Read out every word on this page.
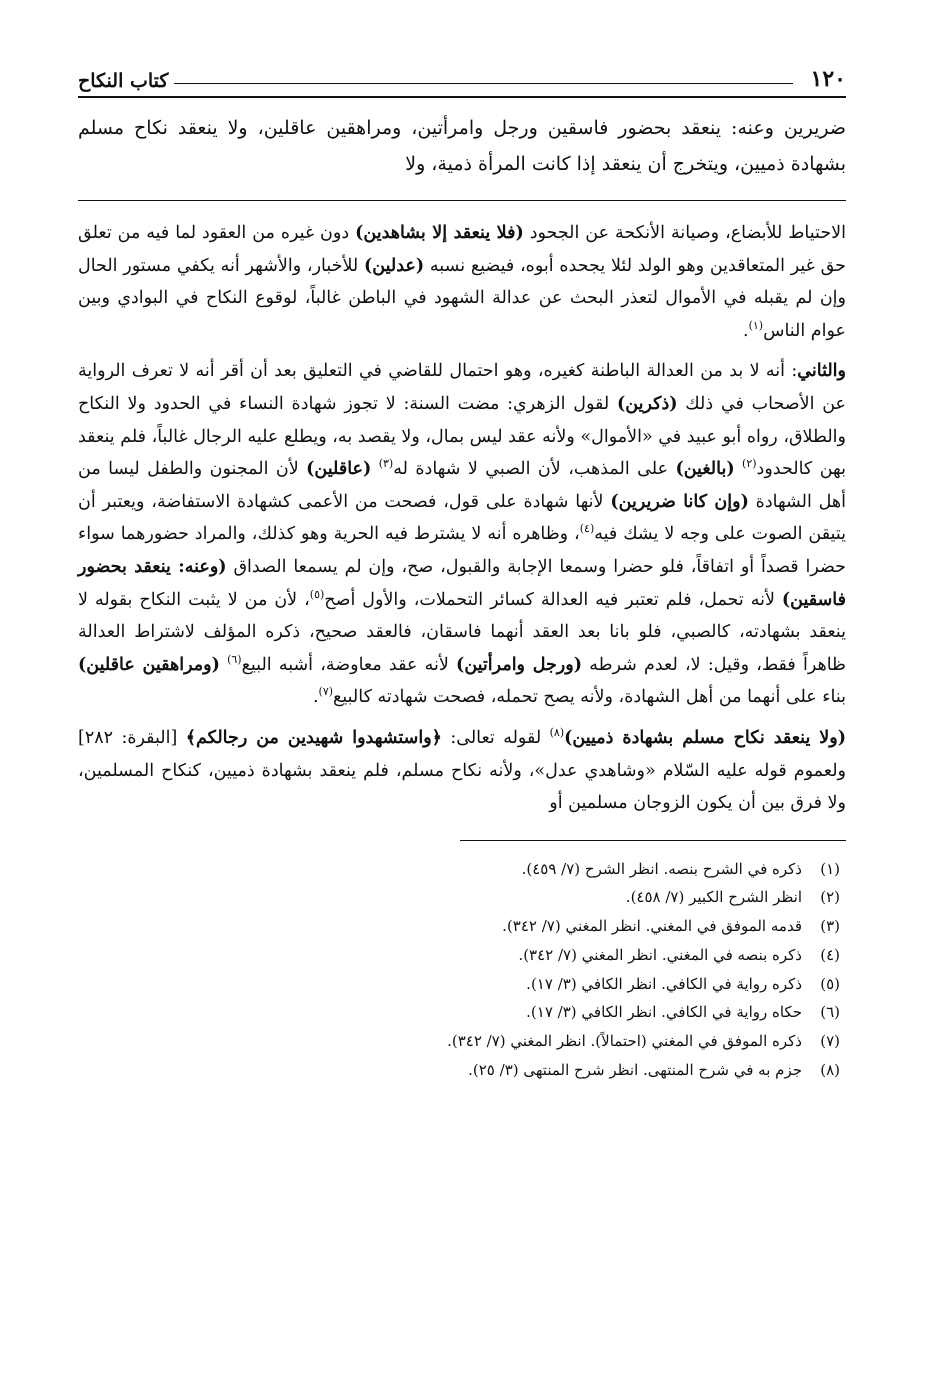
١٢٠
كتاب النكاح
ضريرين وعنه: ينعقد بحضور فاسقين ورجل وامرأتين، ومراهقين عاقلين، ولا ينعقد نكاح مسلم بشهادة ذميين، ويتخرج أن ينعقد إذا كانت المرأة ذمية، ولا

الاحتياط للأبضاع، وصيانة الأنكحة عن الجحود (فلا ينعقد إلا بشاهدين) دون غيره من العقود لما فيه من تعلق حق غير المتعاقدين وهو الولد لئلا يجحده أبوه، فيضيع نسبه (عدلين) للأخبار، والأشهر أنه يكفي مستور الحال وإن لم يقبله في الأموال لتعذر البحث عن عدالة الشهود في الباطن غالباً، لوقوع النكاح في البوادي وبين عوام الناس$^{(١)}$.

والثاني: أنه لا بد من العدالة الباطنة كغيره، وهو احتمال للقاضي في التعليق بعد أن أقر أنه لا تعرف الرواية عن الأصحاب في ذلك (ذكرين) لقول الزهري: مضت السنة: لا تجوز شهادة النساء في الحدود ولا النكاح والطلاق، رواه أبو عبيد في «الأموال» ولأنه عقد ليس بمال، ولا يقصد به، ويطلع عليه الرجال غالباً، فلم ينعقد بهن كالحدود$^{(٢)}$ (بالغين) على المذهب، لأن الصبي لا شهادة له$^{(٣)}$ (عاقلين) لأن المجنون والطفل ليسا من أهل الشهادة (وإن كانا ضريرين) لأنها شهادة على قول، فصحت من الأعمى كشهادة الاستفاضة، ويعتبر أن يتيقن الصوت على وجه لا يشك فيه$^{(٤)}$، وظاهره أنه لا يشترط فيه الحرية وهو كذلك، والمراد حضورهما سواء حضرا قصداً أو اتفاقاً، فلو حضرا وسمعا الإجابة والقبول، صح، وإن لم يسمعا الصداق (وعنه: ينعقد بحضور فاسقين) لأنه تحمل، فلم تعتبر فيه العدالة كسائر التحملات، والأول أصح$^{(٥)}$، لأن من لا يثبت النكاح بقوله لا ينعقد بشهادته، كالصبي، فلو بانا بعد العقد أنهما فاسقان، فالعقد صحيح، ذكره المؤلف لاشتراط العدالة ظاهراً فقط، وقيل: لا، لعدم شرطه (ورجل وامرأتين) لأنه عقد معاوضة، أشبه البيع$^{(٦)}$ (ومراهقين عاقلين) بناء على أنهما من أهل الشهادة، ولأنه يصح تحمله، فصحت شهادته كالبيع$^{(٧)}$.

(ولا ينعقد نكاح مسلم بشهادة ذميين)$^{(٨)}$ لقوله تعالى: ﴿واستشهدوا شهيدين من رجالكم﴾ [البقرة: ٢٨٢] ولعموم قوله عليه السّلام «وشاهدي عدل»، ولأنه نكاح مسلم، فلم ينعقد بشهادة ذميين، كنكاح المسلمين، ولا فرق بين أن يكون الزوجان مسلمين أو

(١)ذكره في الشرح بنصه. انظر الشرح (٧/ ٤٥٩).

(٢)انظر الشرح الكبير (٧/ ٤٥٨).

(٣)قدمه الموفق في المغني. انظر المغني (٧/ ٣٤٢).

(٤)ذكره بنصه في المغني. انظر المغني (٧/ ٣٤٢).

(٥)ذكره رواية في الكافي. انظر الكافي (٣/ ١٧).

(٦)حكاه رواية في الكافي. انظر الكافي (٣/ ١٧).

(٧)ذكره الموفق في المغني (احتمالاً). انظر المغني (٧/ ٣٤٢).

(٨)جزم به في شرح المنتهى. انظر شرح المنتهى (٣/ ٢٥).
